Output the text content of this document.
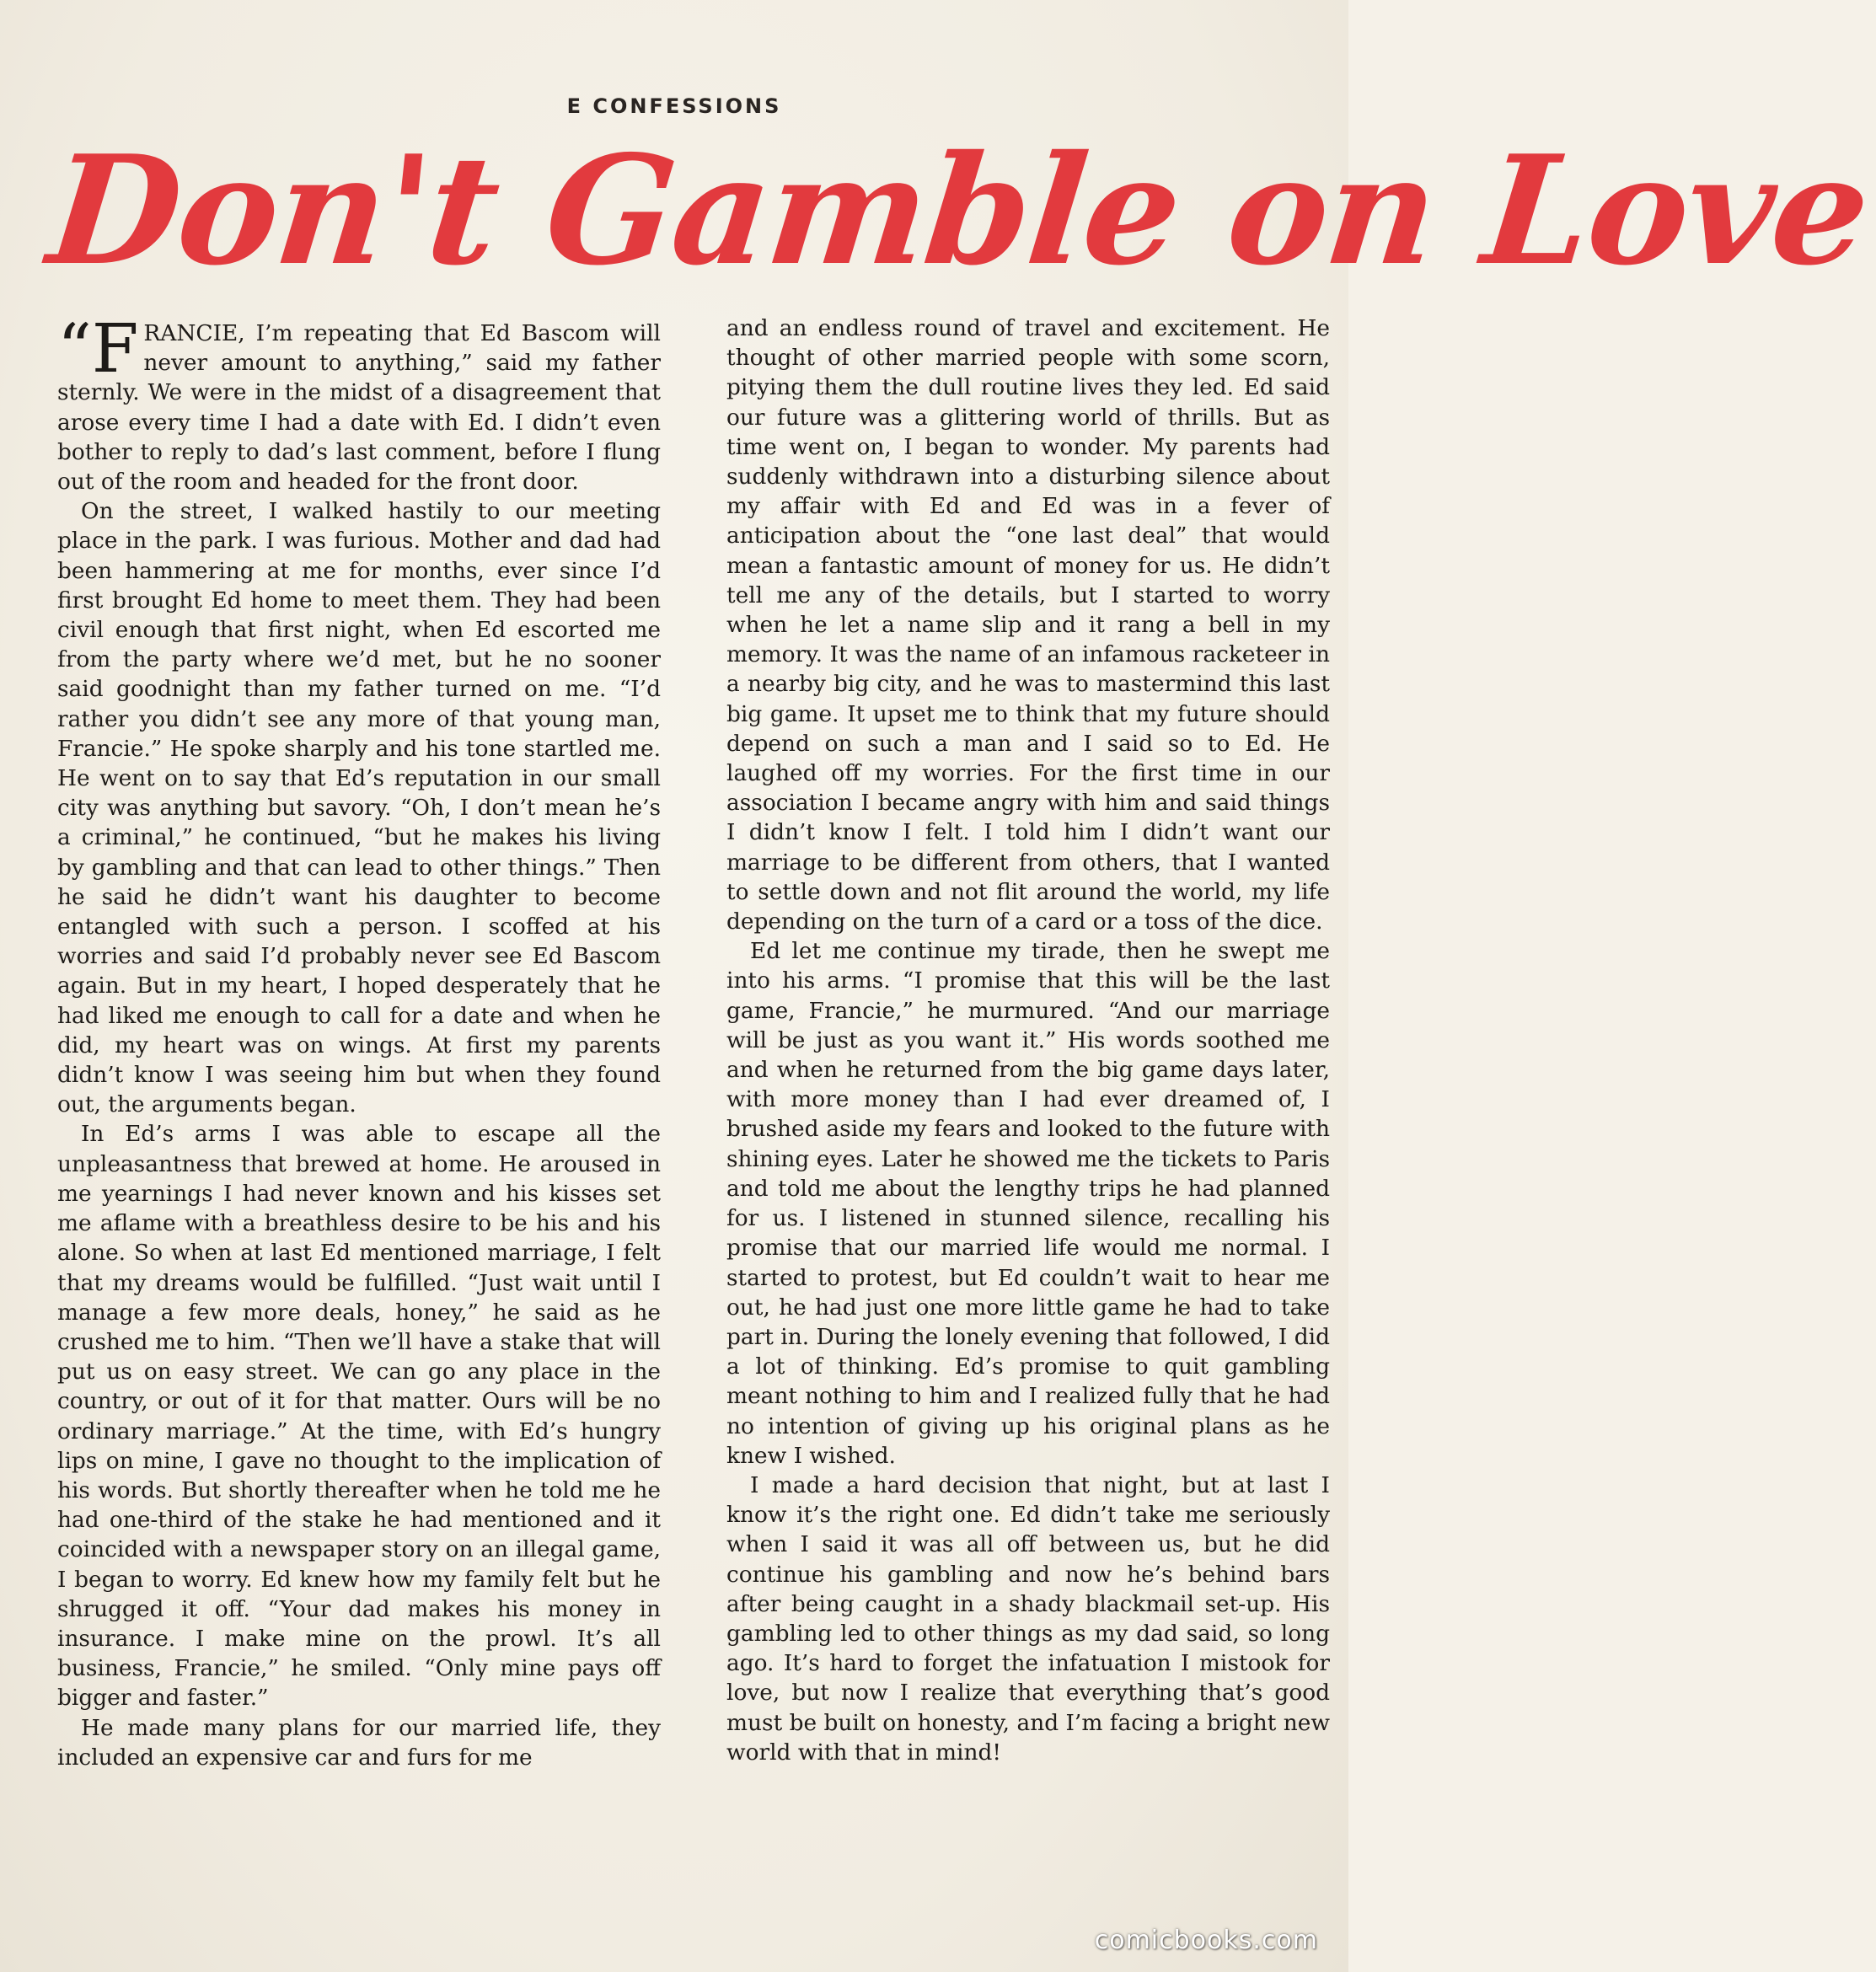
E CONFESSIONS
Don't Gamble on Love

“FRANCIE, I’m repeating that Ed Bascom will never amount to anything,” said my father sternly. We were in the midst of a disagreement that arose every time I had a date with Ed. I didn’t even bother to reply to dad’s last comment, before I flung out of the room and headed for the front door.

On the street, I walked hastily to our meeting place in the park. I was furious. Mother and dad had been hammering at me for months, ever since I’d first brought Ed home to meet them. They had been civil enough that first night, when Ed escorted me from the party where we’d met, but he no sooner said goodnight than my father turned on me. “I’d rather you didn’t see any more of that young man, Francie.” He spoke sharply and his tone startled me. He went on to say that Ed’s reputation in our small city was anything but savory. “Oh, I don’t mean he’s a criminal,” he continued, “but he makes his living by gambling and that can lead to other things.” Then he said he didn’t want his daughter to become entangled with such a person. I scoffed at his worries and said I’d probably never see Ed Bascom again. But in my heart, I hoped desperately that he had liked me enough to call for a date and when he did, my heart was on wings. At first my parents didn’t know I was seeing him but when they found out, the arguments began.

In Ed’s arms I was able to escape all the unpleasantness that brewed at home. He aroused in me yearnings I had never known and his kisses set me aflame with a breathless desire to be his and his alone. So when at last Ed mentioned marriage, I felt that my dreams would be fulfilled. “Just wait until I manage a few more deals, honey,” he said as he crushed me to him. “Then we’ll have a stake that will put us on easy street. We can go any place in the country, or out of it for that matter. Ours will be no ordinary marriage.” At the time, with Ed’s hungry lips on mine, I gave no thought to the implication of his words. But shortly thereafter when he told me he had one-third of the stake he had mentioned and it coincided with a newspaper story on an illegal game, I began to worry. Ed knew how my family felt but he shrugged it off. “Your dad makes his money in insurance. I make mine on the prowl. It’s all business, Francie,” he smiled. “Only mine pays off bigger and faster.”

He made many plans for our married life, they included an expensive car and furs for me

and an endless round of travel and excitement. He thought of other married people with some scorn, pitying them the dull routine lives they led. Ed said our future was a glittering world of thrills. But as time went on, I began to wonder. My parents had suddenly withdrawn into a disturbing silence about my affair with Ed and Ed was in a fever of anticipation about the “one last deal” that would mean a fantastic amount of money for us. He didn’t tell me any of the details, but I started to worry when he let a name slip and it rang a bell in my memory. It was the name of an infamous racketeer in a nearby big city, and he was to mastermind this last big game. It upset me to think that my future should depend on such a man and I said so to Ed. He laughed off my worries. For the first time in our association I became angry with him and said things I didn’t know I felt. I told him I didn’t want our marriage to be different from others, that I wanted to settle down and not flit around the world, my life depending on the turn of a card or a toss of the dice.

Ed let me continue my tirade, then he swept me into his arms. “I promise that this will be the last game, Francie,” he murmured. “And our marriage will be just as you want it.” His words soothed me and when he returned from the big game days later, with more money than I had ever dreamed of, I brushed aside my fears and looked to the future with shining eyes. Later he showed me the tickets to Paris and told me about the lengthy trips he had planned for us. I listened in stunned silence, recalling his promise that our married life would me normal. I started to protest, but Ed couldn’t wait to hear me out, he had just one more little game he had to take part in. During the lonely evening that followed, I did a lot of thinking. Ed’s promise to quit gambling meant nothing to him and I realized fully that he had no intention of giving up his original plans as he knew I wished.

I made a hard decision that night, but at last I know it’s the right one. Ed didn’t take me seriously when I said it was all off between us, but he did continue his gambling and now he’s behind bars after being caught in a shady blackmail set-up. His gambling led to other things as my dad said, so long ago. It’s hard to forget the infatuation I mistook for love, but now I realize that everything that’s good must be built on honesty, and I’m facing a bright new world with that in mind!

comicbooks.com
